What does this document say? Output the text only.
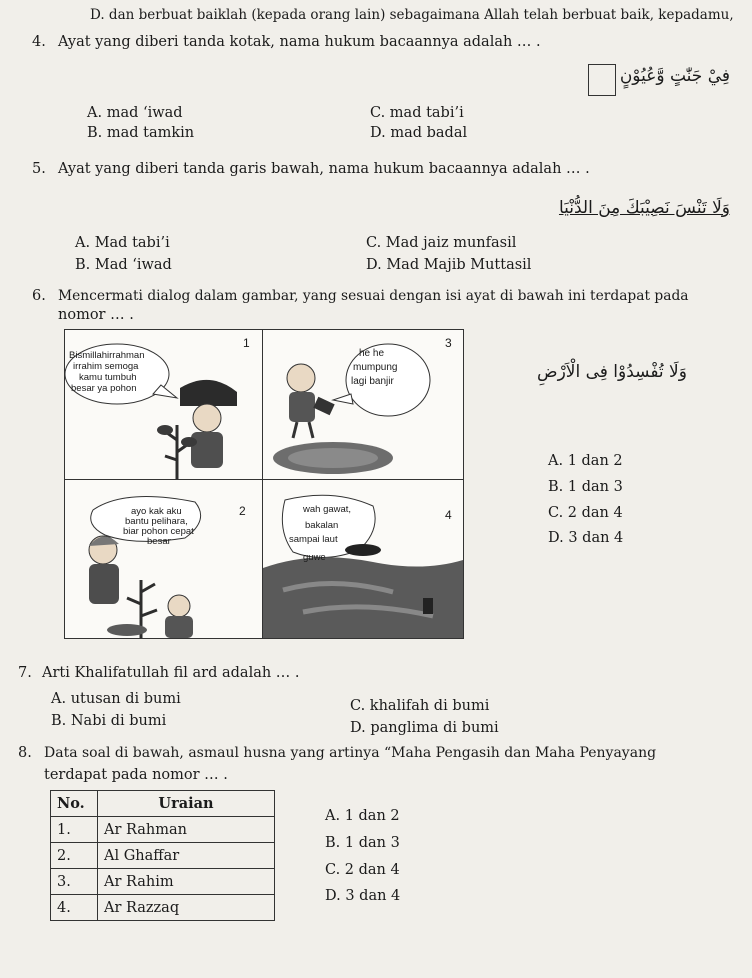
D. dan berbuat baiklah (kepada orang lain) sebagaimana Allah telah berbuat baik, kepadamu,
4. Ayat yang diberi tanda kotak, nama hukum bacaannya adalah … .
فِيْ جَنّٰتٍ وَّعُيُوْنٍ
A. mad ‘iwad
B. mad tamkin
C. mad tabi’i
D. mad badal
5. Ayat yang diberi tanda garis bawah, nama hukum bacaannya adalah … .
وَلَا تَنْسَ نَصِيْبَكَ مِنَ الدُّنْيَا
A. Mad tabi’i
B. Mad ‘iwad
C. Mad jaiz munfasil
D. Mad Majib Muttasil
6. Mencermati dialog dalam gambar, yang sesuai dengan isi ayat di bawah ini terdapat pada
nomor … .
وَلَا تُفْسِدُوْا فِى الْاَرْضِ
A. 1 dan 2
B. 1 dan 3
C. 2 dan 4
D. 3 dan 4
1
Bismillahirrahman
irrahim semoga
kamu tumbuh
besar ya pohon
3
he he
mumpung
lagi banjir
2
ayo kak aku
bantu pelihara,
biar pohon cepat
besar
4
wah gawat,
bakalan
sampai laut
guwe
7. Arti Khalifatullah fil ard adalah … .
A. utusan di bumi
B. Nabi di bumi
C. khalifah di bumi
D. panglima di bumi
8. Data soal di bawah, asmaul husna yang artinya “Maha Pengasih dan Maha Penyayang
terdapat pada nomor … .
No.	Uraian
1.	Ar Rahman
2.	Al Ghaffar
3.	Ar Rahim
4.	Ar Razzaq
A. 1 dan 2
B. 1 dan 3
C. 2 dan 4
D. 3 dan 4
